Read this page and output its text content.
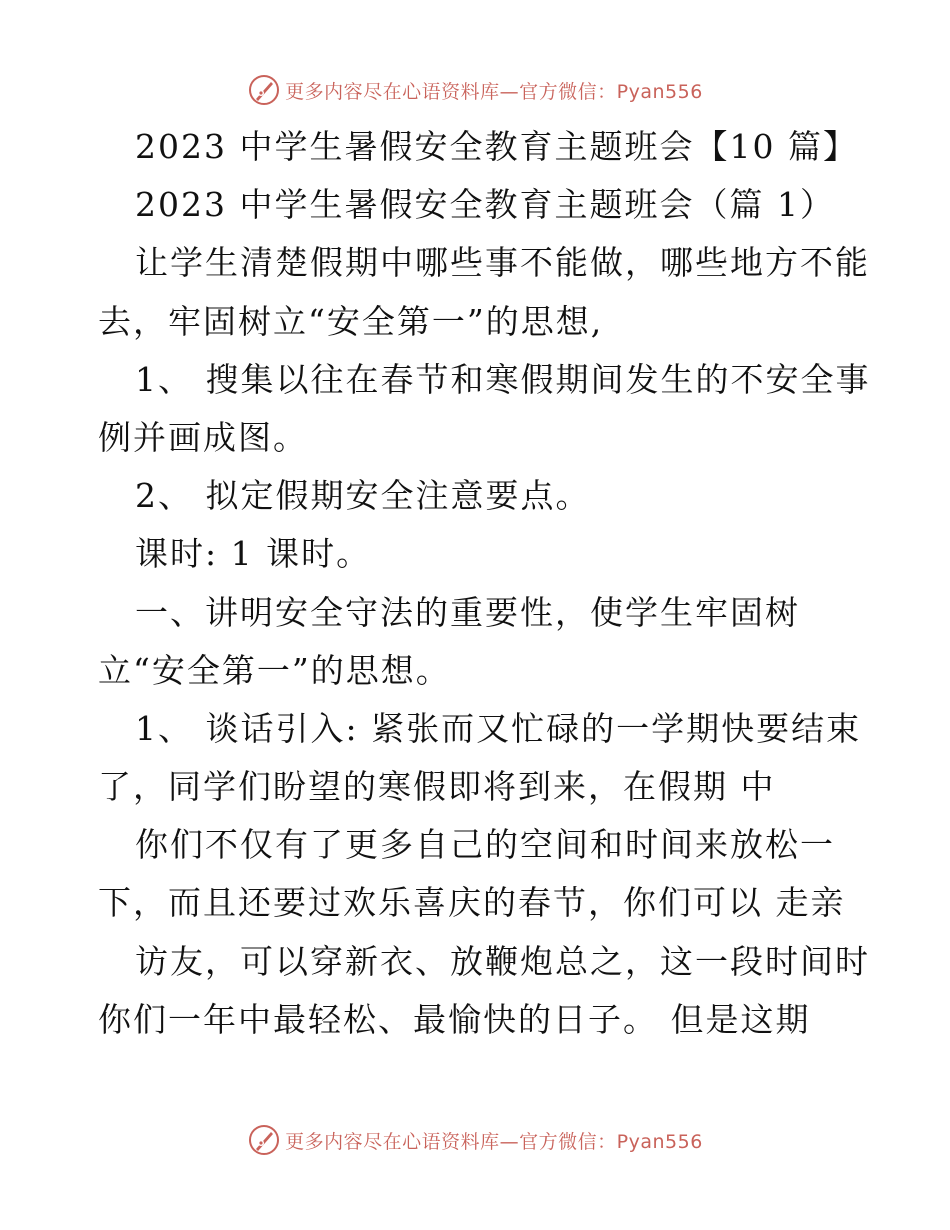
更多内容尽在心语资料库—官方微信：Pyan556
2023 中学生暑假安全教育主题班会【10 篇】
2023 中学生暑假安全教育主题班会（篇 1）
让学生清楚假期中哪些事不能做，哪些地方不能
去，牢固树立“安全第一”的思想,
1、 搜集以往在春节和寒假期间发生的不安全事
例并画成图。
2、 拟定假期安全注意要点。
课时: 1 课时。
一、讲明安全守法的重要性，使学生牢固树
立“安全第一”的思想。
1、 谈话引入: 紧张而又忙碌的一学期快要结束
了，同学们盼望的寒假即将到来，在假期 中
你们不仅有了更多自己的空间和时间来放松一
下，而且还要过欢乐喜庆的春节，你们可以 走亲
访友，可以穿新衣、放鞭炮总之，这一段时间时
你们一年中最轻松、最愉快的日子。 但是这期
更多内容尽在心语资料库—官方微信：Pyan556
